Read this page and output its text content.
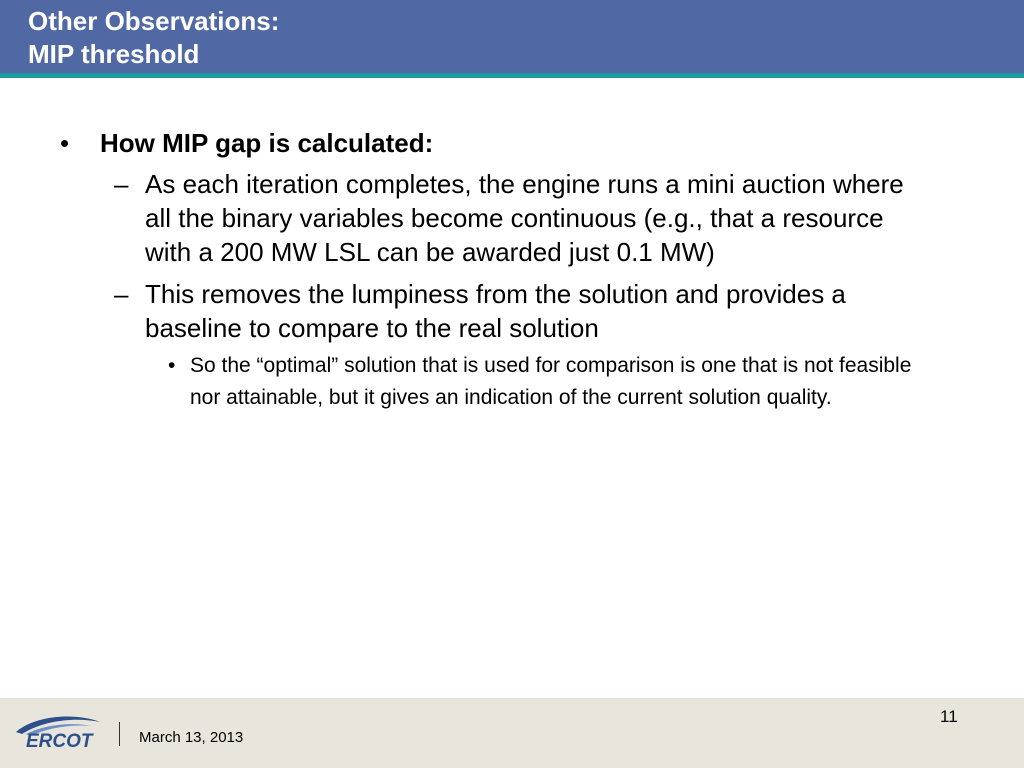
Other Observations:
MIP threshold
• How MIP gap is calculated:
– As each iteration completes, the engine runs a mini auction where all the binary variables become continuous (e.g., that a resource with a 200 MW LSL can be awarded just 0.1 MW)
– This removes the lumpiness from the solution and provides a baseline to compare to the real solution
• So the “optimal” solution that is used for comparison is one that is not feasible nor attainable, but it gives an indication of the current solution quality.
ERCOT	March 13, 2013
11
